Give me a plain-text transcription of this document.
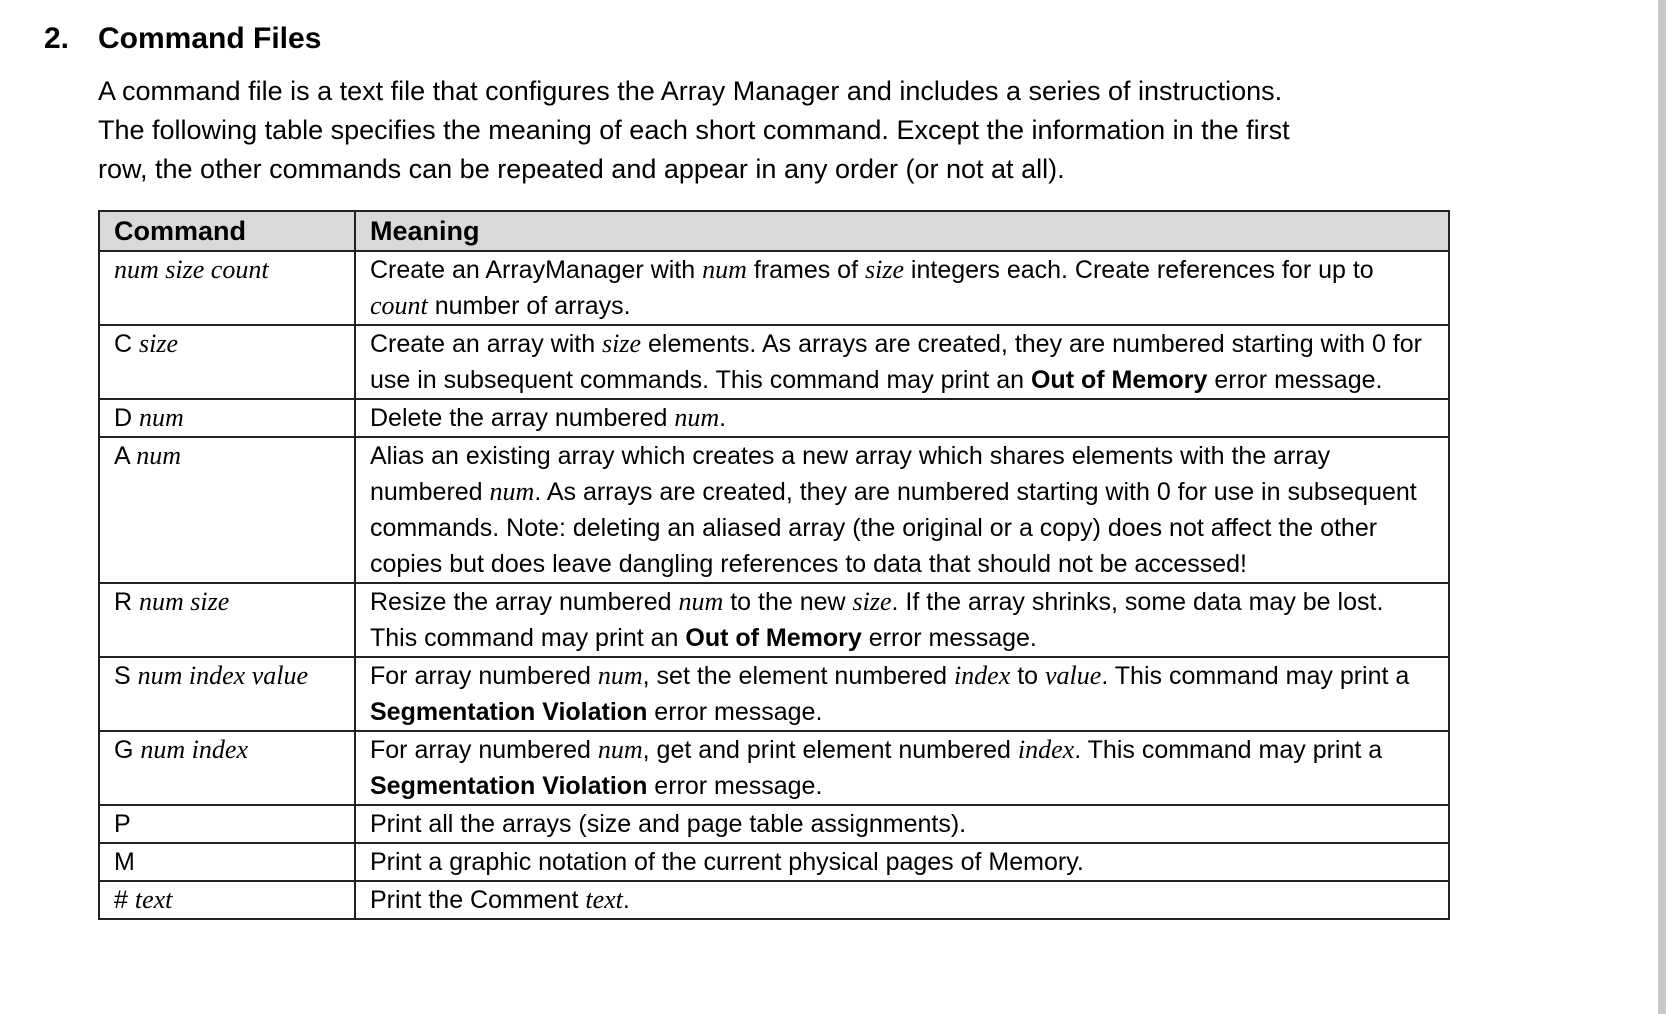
2. Command Files
A command file is a text file that configures the Array Manager and includes a series of instructions.
The following table specifies the meaning of each short command. Except the information in the first
row, the other commands can be repeated and appear in any order (or not at all).
Command	Meaning
num size count	Create an ArrayManager with num frames of size integers each. Create references for up to count number of arrays.
C size	Create an array with size elements. As arrays are created, they are numbered starting with 0 for use in subsequent commands. This command may print an Out of Memory error message.
D num	Delete the array numbered num.
A num	Alias an existing array which creates a new array which shares elements with the array numbered num. As arrays are created, they are numbered starting with 0 for use in subsequent commands. Note: deleting an aliased array (the original or a copy) does not affect the other copies but does leave dangling references to data that should not be accessed!
R num size	Resize the array numbered num to the new size. If the array shrinks, some data may be lost. This command may print an Out of Memory error message.
S num index value	For array numbered num, set the element numbered index to value. This command may print a Segmentation Violation error message.
G num index	For array numbered num, get and print element numbered index. This command may print a Segmentation Violation error message.
P	Print all the arrays (size and page table assignments).
M	Print a graphic notation of the current physical pages of Memory.
# text	Print the Comment text.
